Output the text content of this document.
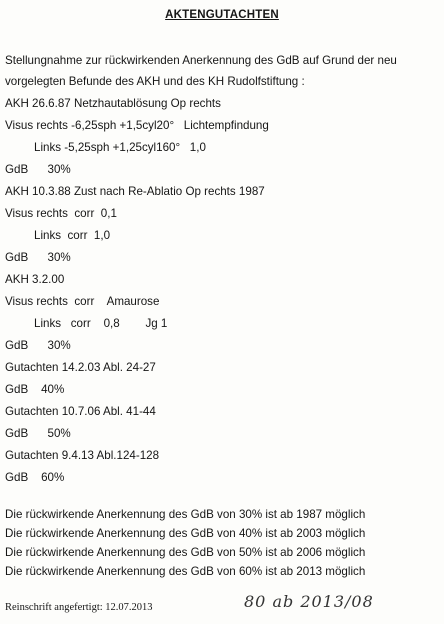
AKTENGUTACHTEN
Stellungnahme zur rückwirkenden Anerkennung des GdB auf Grund der neu
vorgelegten Befunde des AKH und des KH Rudolfstiftung :
AKH 26.6.87 Netzhautablösung Op rechts
Visus rechts -6,25sph +1,5cyl20°   Lichtempfindung
Links -5,25sph +1,25cyl160°   1,0
GdB      30%
AKH 10.3.88 Zust nach Re-Ablatio Op rechts 1987
Visus rechts  corr  0,1
Links  corr  1,0
GdB      30%
AKH 3.2.00
Visus rechts  corr    Amaurose
Links   corr    0,8        Jg 1
GdB      30%
Gutachten 14.2.03 Abl. 24-27
GdB    40%
Gutachten 10.7.06 Abl. 41-44
GdB      50%
Gutachten 9.4.13 Abl.124-128
GdB    60%
Die rückwirkende Anerkennung des GdB von 30% ist ab 1987 möglich
Die rückwirkende Anerkennung des GdB von 40% ist ab 2003 möglich
Die rückwirkende Anerkennung des GdB von 50% ist ab 2006 möglich
Die rückwirkende Anerkennung des GdB von 60% ist ab 2013 möglich
Reinschrift angefertigt: 12.07.2013	80 ab 2013/08
